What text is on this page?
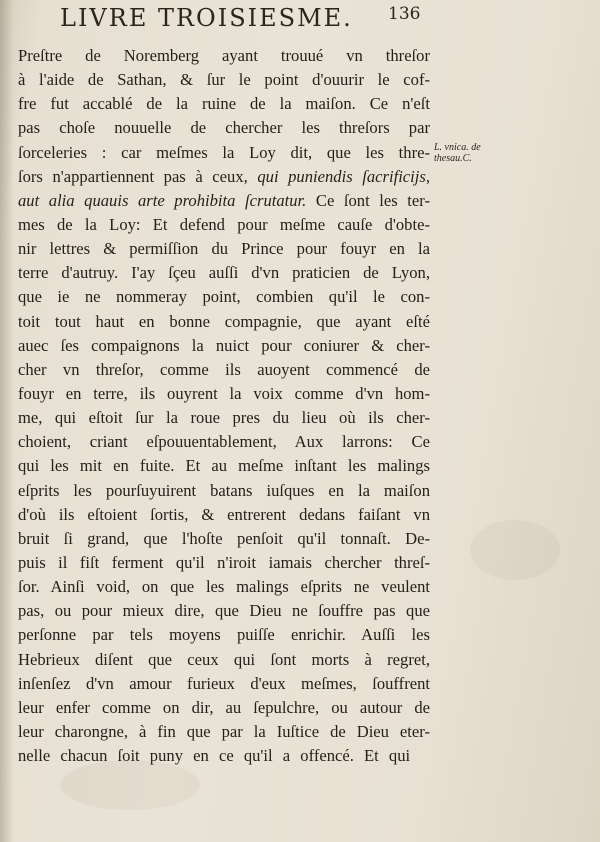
LIVRE TROISIESME.	136
L. vnica. de
thesau.C.
Preſtre de Noremberg ayant trouué vn threſor
à l'aide de Sathan, & ſur le point d'ouurir le cof-
fre fut accablé de la ruine de la maiſon. Ce n'eſt
pas choſe nouuelle de chercher les threſors par
ſorceleries : car meſmes la Loy dit, que les thre-
ſors n'appartiennent pas à ceux, qui puniendis ſacrificijs,
aut alia quauis arte prohibita ſcrutatur. Ce ſont les ter-
mes de la Loy: Et defend pour meſme cauſe d'obte-
nir lettres & permiſſion du Prince pour fouyr en la
terre d'autruy. I'ay ſçeu auſſi d'vn praticien de Lyon,
que ie ne nommeray point, combien qu'il le con-
toit tout haut en bonne compagnie, que ayant eſté
auec ſes compaignons la nuict pour coniurer & cher-
cher vn threſor, comme ils auoyent commencé de
fouyr en terre, ils ouyrent la voix comme d'vn hom-
me, qui eſtoit ſur la roue pres du lieu où ils cher-
choient, criant eſpouuentablement, Aux larrons: Ce
qui les mit en fuite. Et au meſme inſtant les malings
eſprits les pourſuyuirent batans iuſques en la maiſon
d'où ils eſtoient ſortis, & entrerent dedans faiſant vn
bruit ſi grand, que l'hoſte penſoit qu'il tonnaſt. De-
puis il fiſt ferment qu'il n'iroit iamais chercher threſ-
ſor. Ainſi void, on que les malings eſprits ne veulent
pas, ou pour mieux dire, que Dieu ne ſouffre pas que
perſonne par tels moyens puiſſe enrichir. Auſſi les
Hebrieux diſent que ceux qui ſont morts à regret,
inſenſez d'vn amour furieux d'eux meſmes, ſouffrent
leur enfer comme on dir, au ſepulchre, ou autour de
leur charongne, à fin que par la Iuſtice de Dieu eter-
nelle chacun ſoit puny en ce qu'il a offencé. Et qui
